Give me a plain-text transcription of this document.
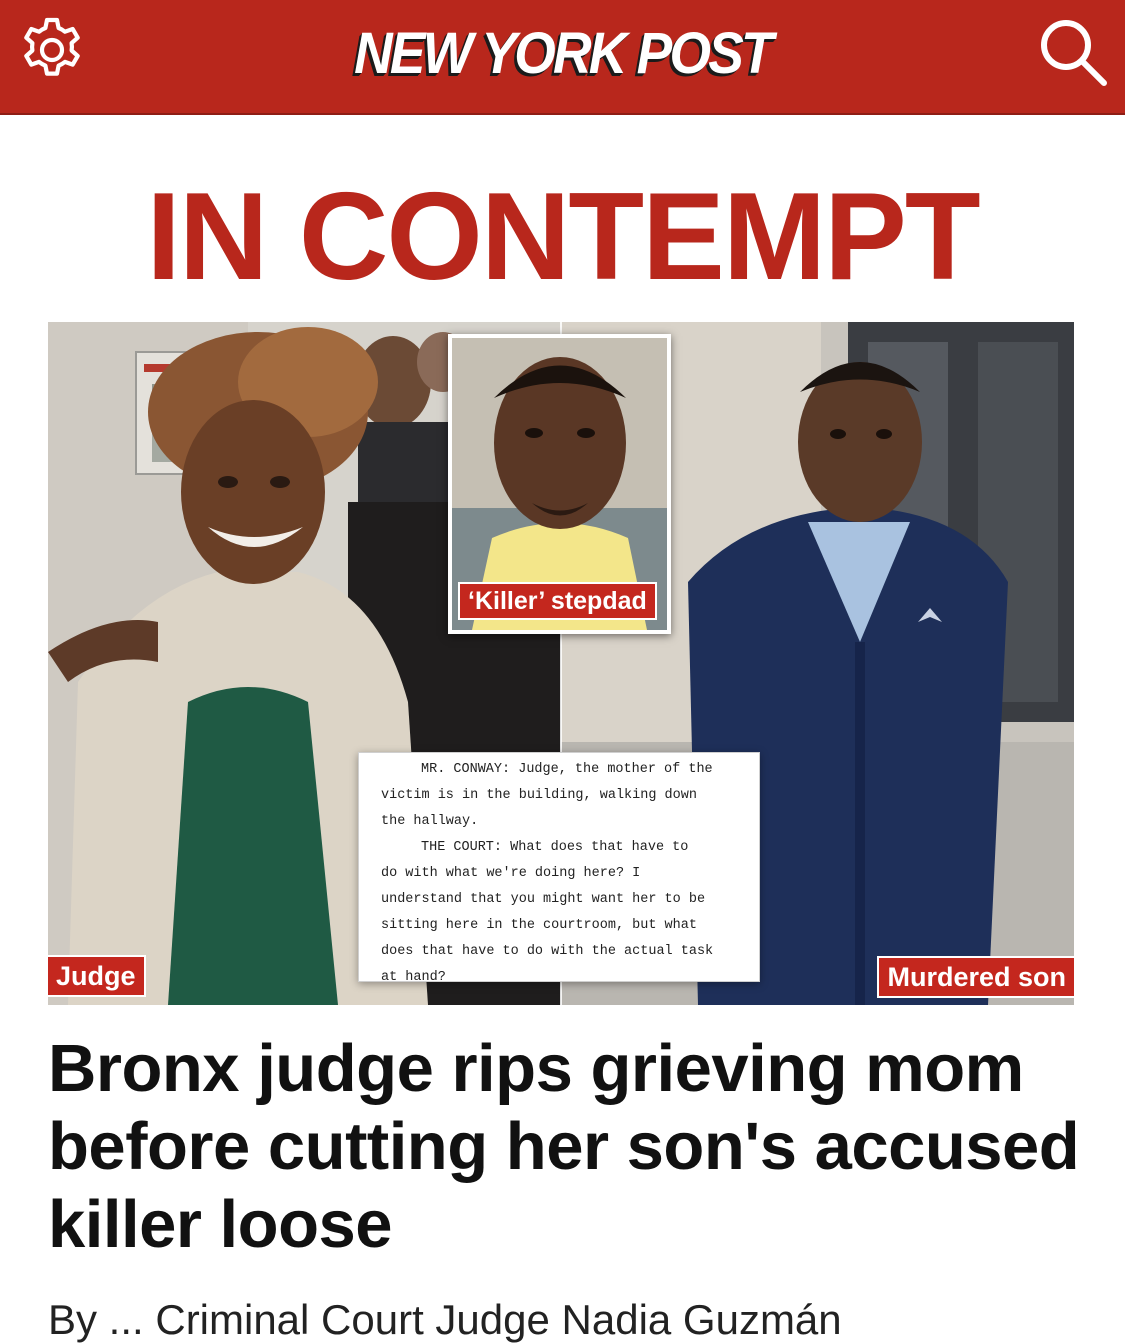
NEW YORK POST
IN CONTEMPT
‘Killer’ stepdad
MR. CONWAY: Judge, the mother of the
victim is in the building, walking down
the hallway.
THE COURT: What does that have to
do with what we're doing here? I
understand that you might want her to be
sitting here in the courtroom, but what
does that have to do with the actual task
at hand?
Judge	Murdered son
Bronx judge rips grieving mom before cutting her son's accused killer loose
By ... Criminal Court Judge Nadia Guzmán
